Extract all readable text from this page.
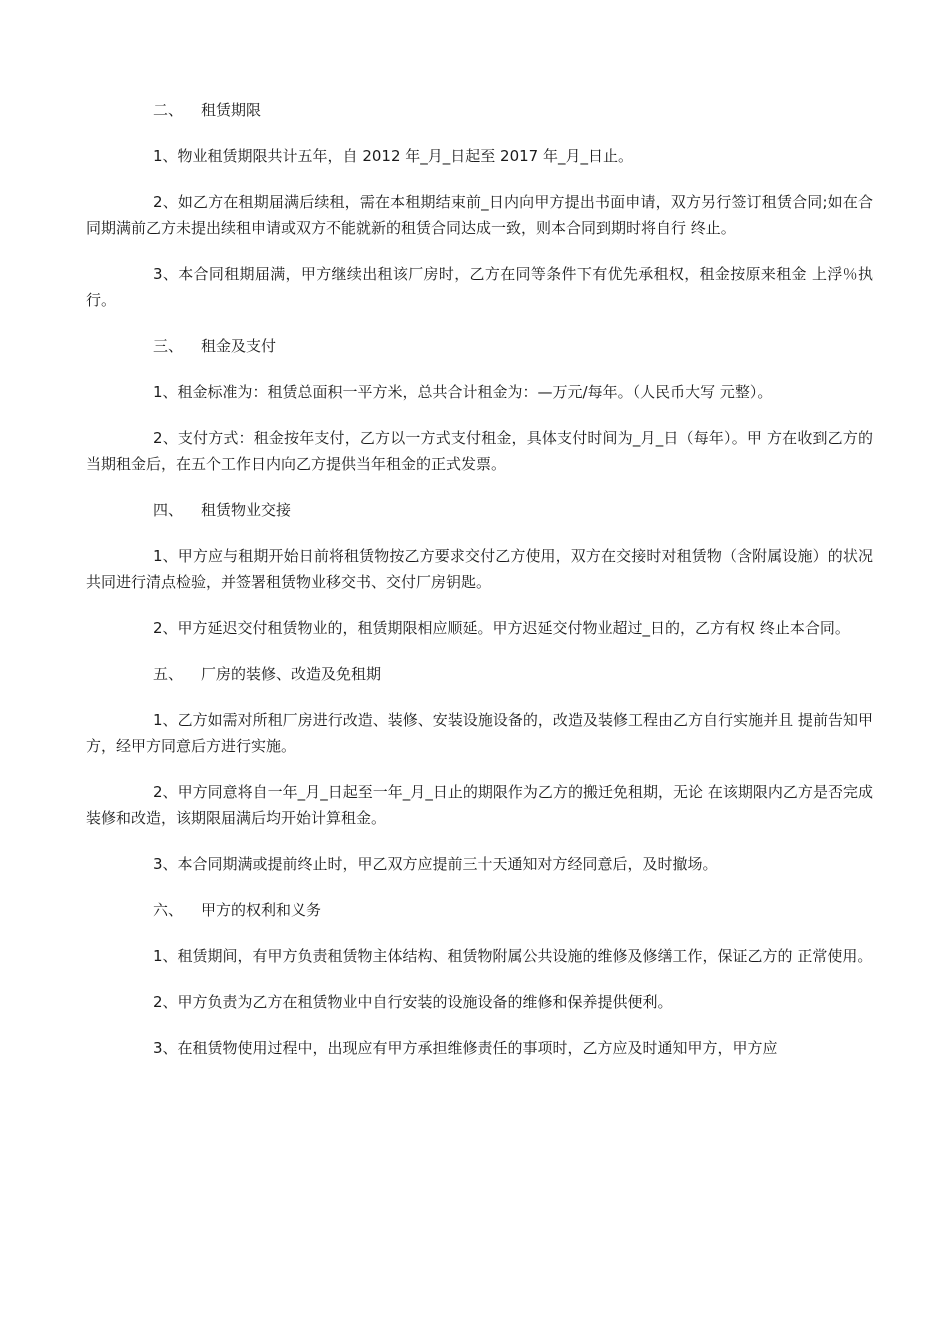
二、 租赁期限

1、物业租赁期限共计五年，自 2012 年_月_日起至 2017 年_月_日止。

2、如乙方在租期届满后续租，需在本租期结束前_日内向甲方提出书面申请，双方另行签订租赁合同;如在合同期满前乙方未提出续租申请或双方不能就新的租赁合同达成一致，则本合同到期时将自行 终止。

3、本合同租期届满，甲方继续出租该厂房时，乙方在同等条件下有优先承租权，租金按原来租金 上浮％执行。

三、 租金及支付

1、租金标准为：租赁总面积一平方米，总共合计租金为：—万元/每年。（人民币大写 元整）。

2、支付方式：租金按年支付，乙方以一方式支付租金，具体支付时间为_月_日（每年）。甲 方在收到乙方的当期租金后，在五个工作日内向乙方提供当年租金的正式发票。

四、 租赁物业交接

1、甲方应与租期开始日前将租赁物按乙方要求交付乙方使用，双方在交接时对租赁物（含附属设施）的状况共同进行清点检验，并签署租赁物业移交书、交付厂房钥匙。

2、甲方延迟交付租赁物业的，租赁期限相应顺延。甲方迟延交付物业超过_日的，乙方有权 终止本合同。

五、 厂房的装修、改造及免租期

1、乙方如需对所租厂房进行改造、装修、安装设施设备的，改造及装修工程由乙方自行实施并且 提前告知甲方，经甲方同意后方进行实施。

2、甲方同意将自一年_月_日起至一年_月_日止的期限作为乙方的搬迁免租期，无论 在该期限内乙方是否完成装修和改造，该期限届满后均开始计算租金。

3、本合同期满或提前终止时，甲乙双方应提前三十天通知对方经同意后，及时撤场。

六、 甲方的权利和义务

1、租赁期间，有甲方负责租赁物主体结构、租赁物附属公共设施的维修及修缮工作，保证乙方的 正常使用。

2、甲方负责为乙方在租赁物业中自行安装的设施设备的维修和保养提供便利。

3、在租赁物使用过程中，出现应有甲方承担维修责任的事项时，乙方应及时通知甲方，甲方应
